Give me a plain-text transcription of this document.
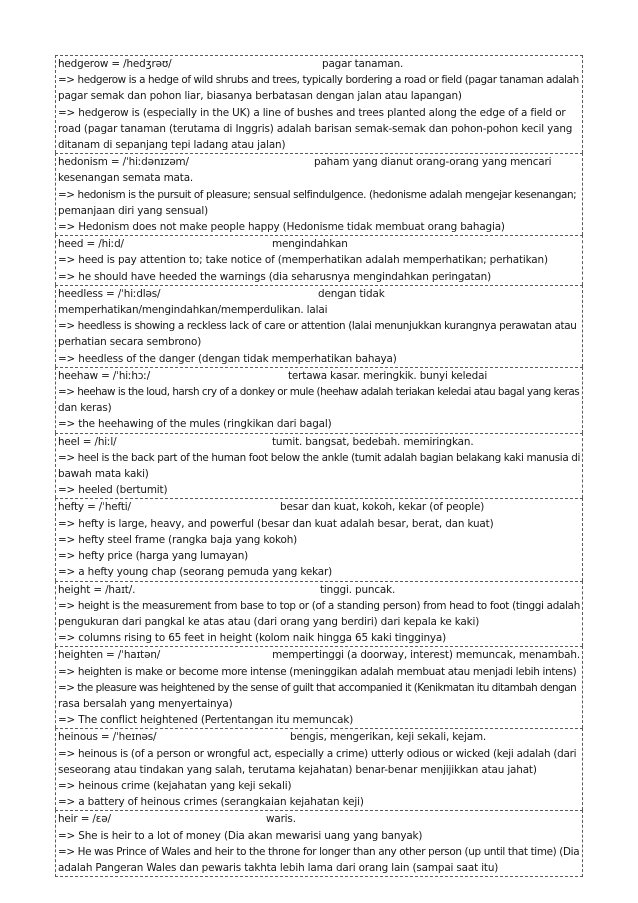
hedgerow = /hedʒrəʊ/	pagar tanaman.
=> hedgerow is a hedge of wild shrubs and trees, typically bordering a road or field (pagar tanaman adalah
pagar semak dan pohon liar, biasanya berbatasan dengan jalan atau lapangan)
=> hedgerow is (especially in the UK) a line of bushes and trees planted along the edge of a field or
road (pagar tanaman (terutama di Inggris) adalah barisan semak-semak dan pohon-pohon kecil yang
ditanam di sepanjang tepi ladang atau jalan)
hedonism = /ˈhiːdənɪzəm/	paham yang dianut orang-orang yang mencari
kesenangan semata mata.
=> hedonism is the pursuit of pleasure; sensual selfindulgence. (hedonisme adalah mengejar kesenangan;
pemanjaan diri yang sensual)
=> Hedonism does not make people happy (Hedonisme tidak membuat orang bahagia)
heed = /hiːd/	mengindahkan
=> heed is pay attention to; take notice of (memperhatikan adalah memperhatikan; perhatikan)
=> he should have heeded the warnings (dia seharusnya mengindahkan peringatan)
heedless = /ˈhiːdləs/	dengan tidak
memperhatikan/mengindahkan/memperdulikan. lalai
=> heedless is showing a reckless lack of care or attention (lalai menunjukkan kurangnya perawatan atau
perhatian secara sembrono)
=> heedless of the danger (dengan tidak memperhatikan bahaya)
heehaw = /ˈhiːhɔː/	tertawa kasar. meringkik. bunyi keledai
=> heehaw is the loud, harsh cry of a donkey or mule (heehaw adalah teriakan keledai atau bagal yang keras
dan keras)
=> the heehawing of the mules (ringkikan dari bagal)
heel = /hiːl/	tumit. bangsat, bedebah. memiringkan.
=> heel is the back part of the human foot below the ankle (tumit adalah bagian belakang kaki manusia di
bawah mata kaki)
=> heeled (bertumit)
hefty = /ˈhefti/	besar dan kuat, kokoh, kekar (of people)
=> hefty is large, heavy, and powerful (besar dan kuat adalah besar, berat, dan kuat)
=> hefty steel frame (rangka baja yang kokoh)
=> hefty price (harga yang lumayan)
=> a hefty young chap (seorang pemuda yang kekar)
height = /haɪt/.	tinggi. puncak.
=> height is the measurement from base to top or (of a standing person) from head to foot (tinggi adalah
pengukuran dari pangkal ke atas atau (dari orang yang berdiri) dari kepala ke kaki)
=> columns rising to 65 feet in height (kolom naik hingga 65 kaki tingginya)
heighten = /ˈhaɪtən/	mempertinggi (a doorway, interest) memuncak, menambah.
=> heighten is make or become more intense (meninggikan adalah membuat atau menjadi lebih intens)
=> the pleasure was heightened by the sense of guilt that accompanied it (Kenikmatan itu ditambah dengan
rasa bersalah yang menyertainya)
=> The conflict heightened (Pertentangan itu memuncak)
heinous = /ˈheɪnəs/	bengis, mengerikan, keji sekali, kejam.
=> heinous is (of a person or wrongful act, especially a crime) utterly odious or wicked (keji adalah (dari
seseorang atau tindakan yang salah, terutama kejahatan) benar-benar menjijikkan atau jahat)
=> heinous crime (kejahatan yang keji sekali)
=> a battery of heinous crimes (serangkaian kejahatan keji)
heir = /ɛə/	waris.
=> She is heir to a lot of money (Dia akan mewarisi uang yang banyak)
=> He was Prince of Wales and heir to the throne for longer than any other person (up until that time) (Dia
adalah Pangeran Wales dan pewaris takhta lebih lama dari orang lain (sampai saat itu)
